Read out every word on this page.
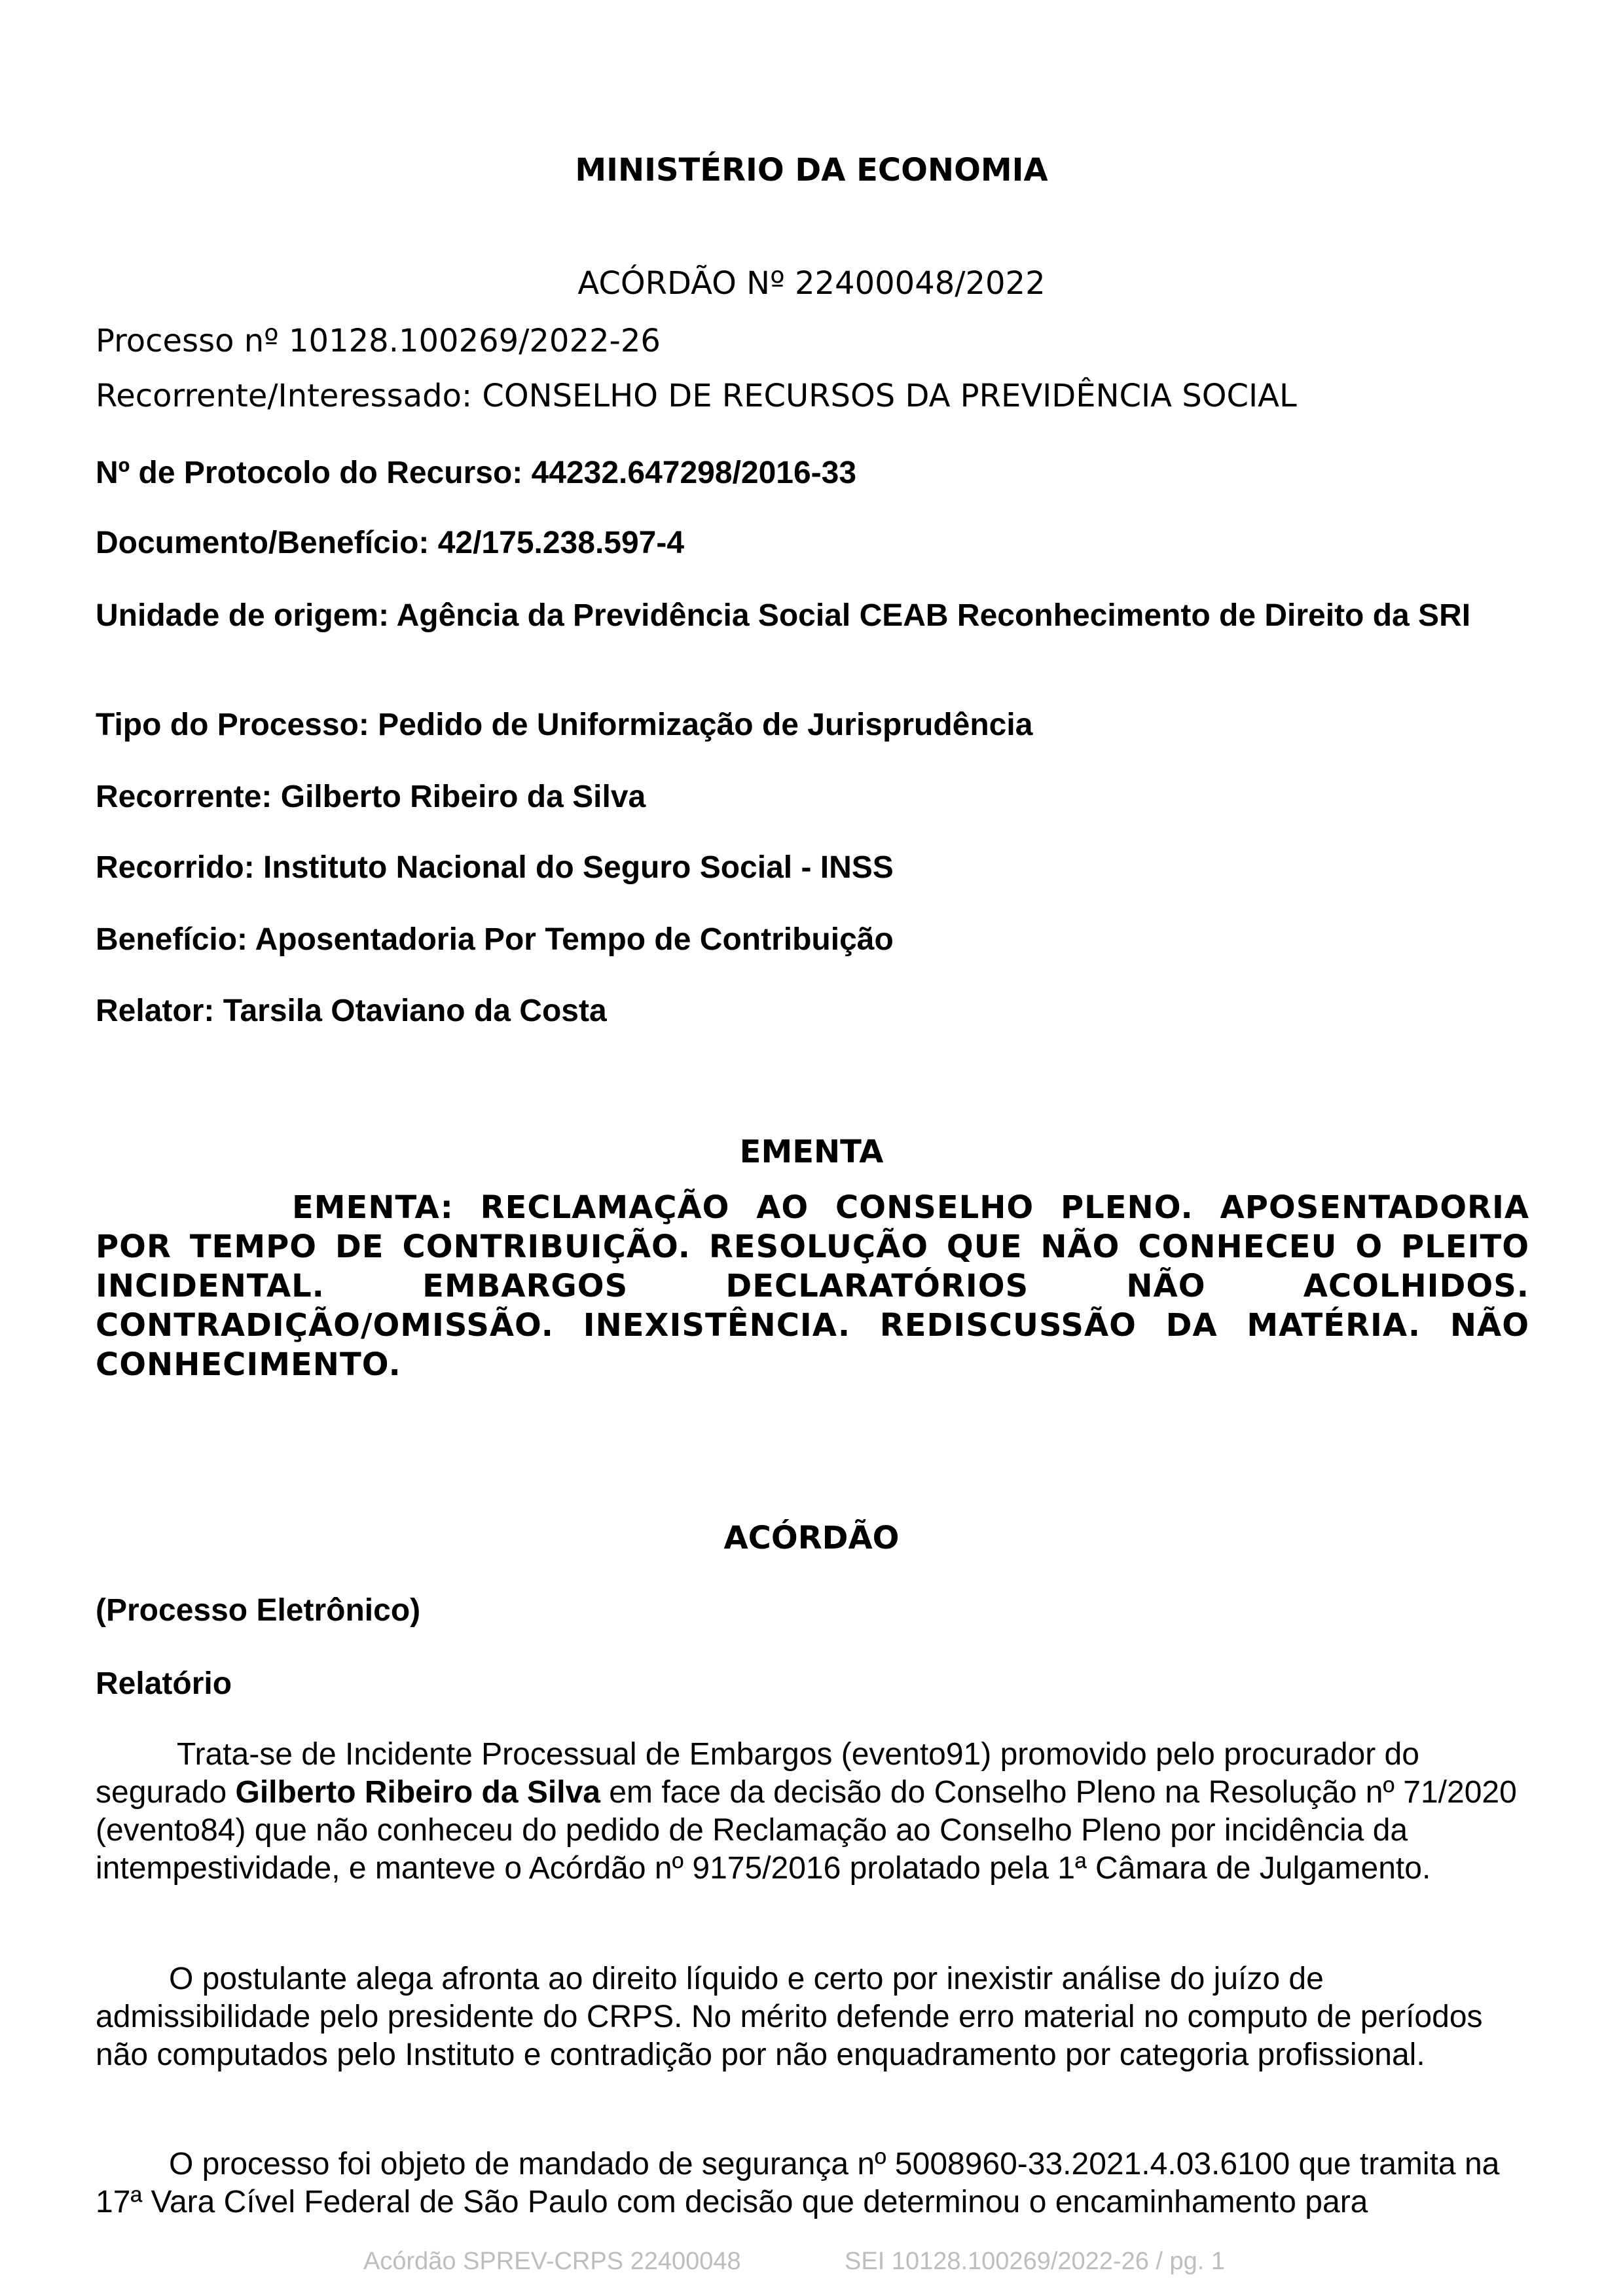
MINISTÉRIO DA ECONOMIA
ACÓRDÃO Nº 22400048/2022
Processo nº 10128.100269/2022-26
Recorrente/Interessado: CONSELHO DE RECURSOS DA PREVIDÊNCIA SOCIAL
Nº de Protocolo do Recurso: 44232.647298/2016-33
Documento/Benefício: 42/175.238.597-4
Unidade de origem: Agência da Previdência Social CEAB Reconhecimento de Direito da SRI
Tipo do Processo: Pedido de Uniformização de Jurisprudência
Recorrente: Gilberto Ribeiro da Silva
Recorrido: Instituto Nacional do Seguro Social - INSS
Benefício: Aposentadoria Por Tempo de Contribuição
Relator: Tarsila Otaviano da Costa
EMENTA
EMENTA: RECLAMAÇÃO AO CONSELHO PLENO. APOSENTADORIA POR TEMPO DE CONTRIBUIÇÃO. RESOLUÇÃO QUE NÃO CONHECEU O PLEITO INCIDENTAL. EMBARGOS DECLARATÓRIOS NÃO ACOLHIDOS. CONTRADIÇÃO/OMISSÃO. INEXISTÊNCIA. REDISCUSSÃO DA MATÉRIA. NÃO CONHECIMENTO.
ACÓRDÃO
(Processo Eletrônico)
Relatório
Trata-se de Incidente Processual de Embargos (evento91) promovido pelo procurador do segurado Gilberto Ribeiro da Silva em face da decisão do Conselho Pleno na Resolução nº 71/2020 (evento84) que não conheceu do pedido de Reclamação ao Conselho Pleno por incidência da intempestividade, e manteve o Acórdão nº 9175/2016 prolatado pela 1ª Câmara de Julgamento.
O postulante alega afronta ao direito líquido e certo por inexistir análise do juízo de admissibilidade pelo presidente do CRPS. No mérito defende erro material no computo de períodos não computados pelo Instituto e contradição por não enquadramento por categoria profissional.
O processo foi objeto de mandado de segurança nº 5008960-33.2021.4.03.6100 que tramita na 17ª Vara Cível Federal de São Paulo com decisão que determinou o encaminhamento para
Acórdão SPREV-CRPS 22400048	SEI 10128.100269/2022-26 / pg. 1
